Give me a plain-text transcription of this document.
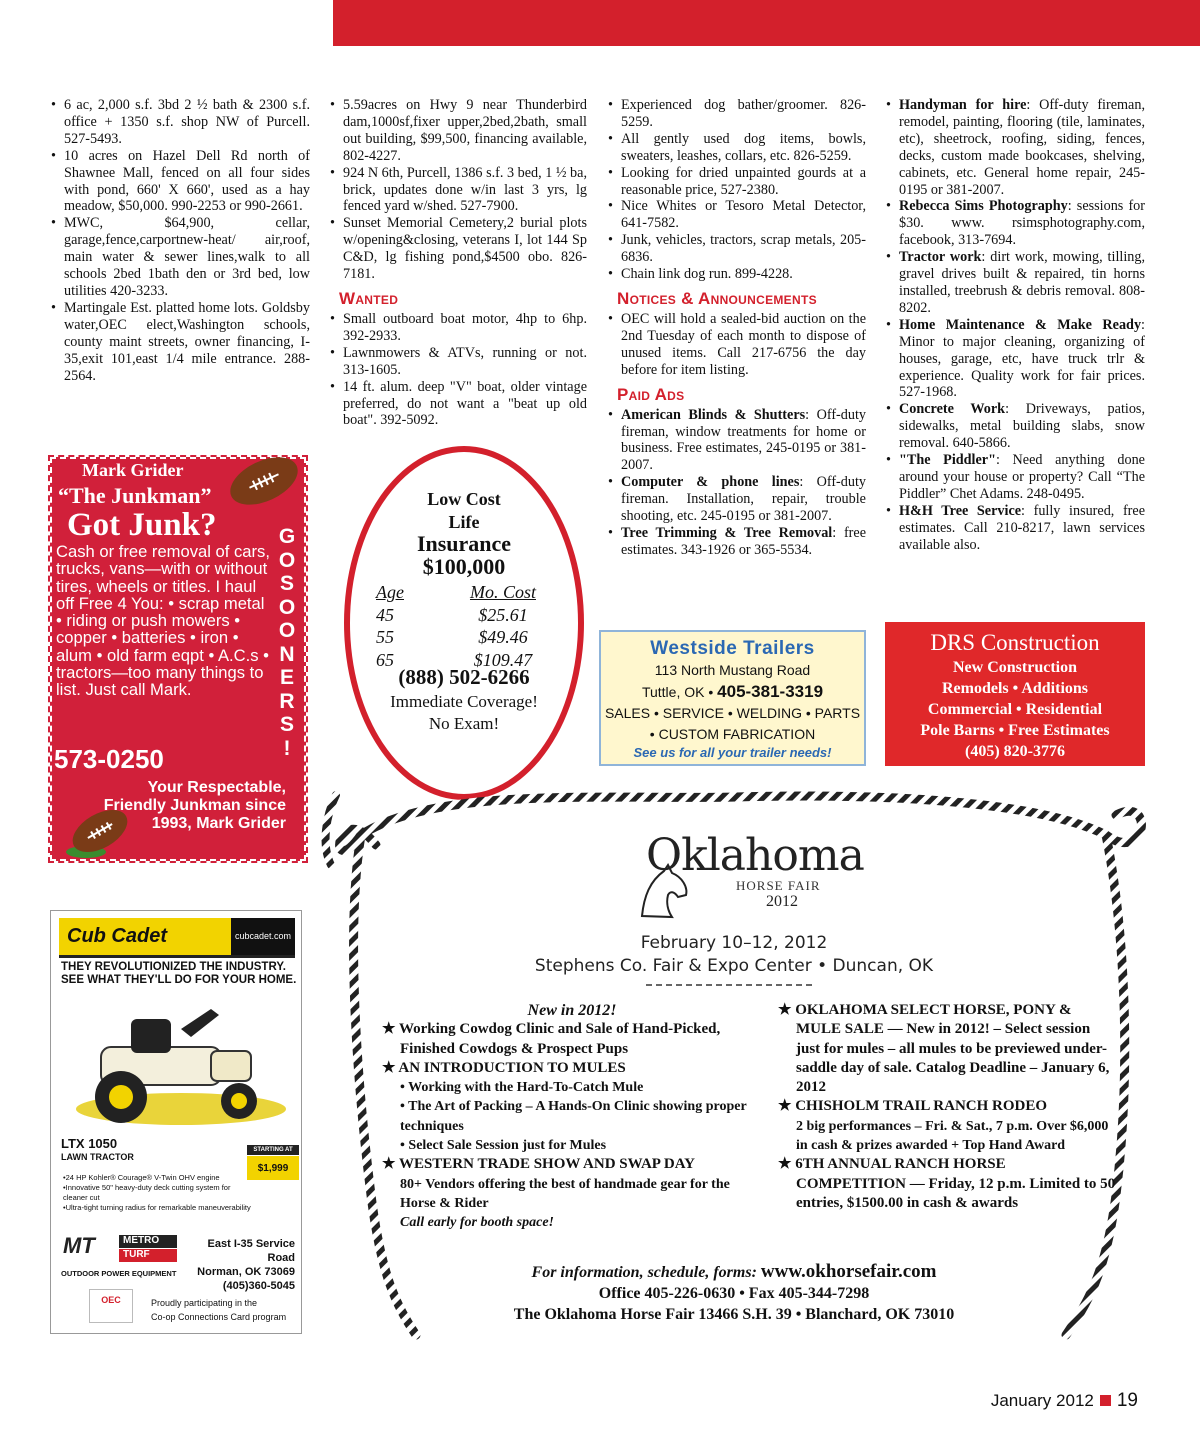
• 6 ac, 2,000 s.f. 3bd 2 ½ bath & 2300 s.f. office + 1350 s.f. shop NW of Purcell. 527-5493.
• 10 acres on Hazel Dell Rd north of Shawnee Mall, fenced on all four sides with pond, 660' X 660', used as a hay meadow, $50,000. 990-2253 or 990-2661.
• MWC, $64,900, cellar, garage,fence,carportnew-heat/ air,roof, main water & sewer lines,walk to all schools 2bed 1bath den or 3rd bed, low utilities 420-3233.
• Martingale Est. platted home lots. Goldsby water,OEC elect,Washington schools, county maint streets, owner financing, I-35,exit 101,east 1/4 mile entrance. 288-2564.
• 5.59acres on Hwy 9 near Thunderbird dam,1000sf,fixer upper,2bed,2bath, small out building, $99,500, financing available, 802-4227.
• 924 N 6th, Purcell, 1386 s.f. 3 bed, 1 ½ ba, brick, updates done w/in last 3 yrs, lg fenced yard w/shed. 527-7900.
• Sunset Memorial Cemetery,2 burial plots w/opening&closing, veterans I, lot 144 Sp C&D, lg fishing pond,$4500 obo. 826-7181.
Wanted
• Small outboard boat motor, 4hp to 6hp. 392-2933.
• Lawnmowers & ATVs, running or not. 313-1605.
• 14 ft. alum. deep "V" boat, older vintage preferred, do not want a "beat up old boat". 392-5092.
• Experienced dog bather/groomer. 826-5259.
• All gently used dog items, bowls, sweaters, leashes, collars, etc. 826-5259.
• Looking for dried unpainted gourds at a reasonable price, 527-2380.
• Nice Whites or Tesoro Metal Detector, 641-7582.
• Junk, vehicles, tractors, scrap metals, 205-6836.
• Chain link dog run. 899-4228.
Notices & Announcements
• OEC will hold a sealed-bid auction on the 2nd Tuesday of each month to dispose of unused items. Call 217-6756 the day before for item listing.
Paid Ads
• American Blinds & Shutters: Off-duty fireman, window treatments for home or business. Free estimates, 245-0195 or 381-2007.
• Computer & phone lines: Off-duty fireman. Installation, repair, trouble shooting, etc. 245-0195 or 381-2007.
• Tree Trimming & Tree Removal: free estimates. 343-1926 or 365-5534.
• Handyman for hire: Off-duty fireman, remodel, painting, flooring (tile, laminates, etc), sheetrock, roofing, siding, fences, decks, custom made bookcases, shelving, cabinets, etc. General home repair, 245-0195 or 381-2007.
• Rebecca Sims Photography: sessions for $30. www. rsimsphotography.com, facebook, 313-7694.
• Tractor work: dirt work, mowing, tilling, gravel drives built & repaired, tin horns installed, treebrush & debris removal. 808-8202.
• Home Maintenance & Make Ready: Minor to major cleaning, organizing of houses, garage, etc, have truck trlr & experience. Quality work for fair prices. 527-1968.
• Concrete Work: Driveways, patios, sidewalks, metal building slabs, snow removal. 640-5866.
• "The Piddler": Need anything done around your house or property? Call “The Piddler” Chet Adams. 248-0495.
• H&H Tree Service: fully insured, free estimates. Call 210-8217, lawn services available also.
Mark Grider
“The Junkman”
Got Junk?
Cash or free removal of cars, trucks, vans—with or without tires, wheels or titles. I haul off Free 4 You: • scrap metal • riding or push mowers • copper • batteries • iron • alum • old farm eqpt • A.C.s • tractors—too many things to list. Just call Mark.
G
O
S
O
O
N
E
R
S
!
573-0250
Your Respectable, Friendly Junkman since 1993, Mark Grider
Low Cost
Life
Insurance
$100,000
Age	Mo. Cost
45	$25.61
55	$49.46
65	$109.47
(888) 502-6266
Immediate Coverage!
No Exam!
Westside Trailers
113 North Mustang Road
Tuttle, OK • 405-381-3319
SALES • SERVICE • WELDING • PARTS
• CUSTOM FABRICATION
See us for all your trailer needs!
DRS Construction
New Construction
Remodels • Additions
Commercial • Residential
Pole Barns • Free Estimates
(405) 820-3776
Cub Cadet	cubcadet.com
THEY REVOLUTIONIZED THE INDUSTRY.
SEE WHAT THEY'LL DO FOR YOUR HOME.
LTX 1050
LAWN TRACTOR
STARTING AT
$1,999
• 24 HP Kohler® Courage® V-Twin OHV engine
• Innovative 50" heavy-duty deck cutting system for cleaner cut
• Ultra-tight turning radius for remarkable maneuverability
MT	METRO
TURF
OUTDOOR POWER EQUIPMENT
East I-35 Service Road
Norman, OK 73069
(405)360-5045
OEC	Proudly participating in the
Co-op Connections Card program
Oklahoma
HORSE FAIR
2012
February 10–12, 2012
Stephens Co. Fair & Expo Center • Duncan, OK
New in 2012!
★ Working Cowdog Clinic and Sale of Hand-Picked, Finished Cowdogs & Prospect Pups
★ AN INTRODUCTION TO MULES
• Working with the Hard-To-Catch Mule
• The Art of Packing – A Hands-On Clinic showing proper techniques
• Select Sale Session just for Mules
★ WESTERN TRADE SHOW AND SWAP DAY
80+ Vendors offering the best of handmade gear for the Horse & Rider
Call early for booth space!
★ OKLAHOMA SELECT HORSE, PONY & MULE SALE — New in 2012! – Select session just for mules – all mules to be previewed under-saddle day of sale. Catalog Deadline – January 6, 2012
★ CHISHOLM TRAIL RANCH RODEO
2 big performances – Fri. & Sat., 7 p.m. Over $6,000 in cash & prizes awarded + Top Hand Award
★ 6TH ANNUAL RANCH HORSE COMPETITION — Friday, 12 p.m. Limited to 50 entries, $1500.00 in cash & awards
For information, schedule, forms: www.okhorsefair.com
Office 405-226-0630 • Fax 405-344-7298
The Oklahoma Horse Fair 13466 S.H. 39 • Blanchard, OK 73010
January 2012 19
